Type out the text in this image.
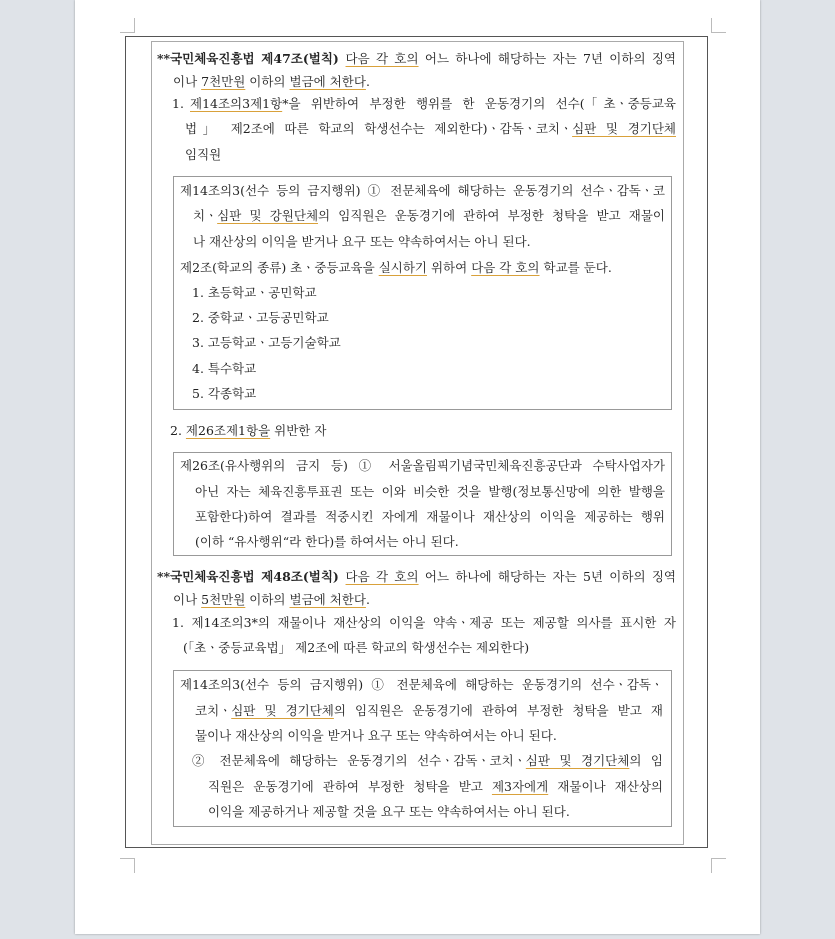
**국민체육진흥법 제47조(벌칙) 다음 각 호의 어느 하나에 해당하는 자는 7년 이하의 징역
이나 7천만원 이하의 벌금에 처한다.
1. 제14조의3제1항*을 위반하여 부정한 행위를 한 운동경기의 선수(「초ㆍ중등교육
법」 제2조에 따른 학교의 학생선수는 제외한다)ㆍ감독ㆍ코치ㆍ심판 및 경기단체
임직원
제14조의3(선수 등의 금지행위) ① 전문체육에 해당하는 운동경기의 선수ㆍ감독ㆍ코
치ㆍ심판 및 강원단체의 임직원은 운동경기에 관하여 부정한 청탁을 받고 재물이
나 재산상의 이익을 받거나 요구 또는 약속하여서는 아니 된다.
제2조(학교의 종류) 초ㆍ중등교육을 실시하기 위하여 다음 각 호의 학교를 둔다.
1. 초등학교ㆍ공민학교
2. 중학교ㆍ고등공민학교
3. 고등학교ㆍ고등기술학교
4. 특수학교
5. 각종학교
2. 제26조제1항을 위반한 자
제26조(유사행위의 금지 등) ① 서울올림픽기념국민체육진흥공단과 수탁사업자가
아닌 자는 체육진흥투표권 또는 이와 비슷한 것을 발행(정보통신망에 의한 발행을
포함한다)하여 결과를 적중시킨 자에게 재물이나 재산상의 이익을 제공하는 행위
(이하 “유사행위“라 한다)를 하여서는 아니 된다.
**국민체육진흥법 제48조(벌칙) 다음 각 호의 어느 하나에 해당하는 자는 5년 이하의 징역
이나 5천만원 이하의 벌금에 처한다.
1. 제14조의3*의 재물이나 재산상의 이익을 약속ㆍ제공 또는 제공할 의사를 표시한 자
(「초ㆍ중등교육법」 제2조에 따른 학교의 학생선수는 제외한다)
제14조의3(선수 등의 금지행위) ① 전문체육에 해당하는 운동경기의 선수ㆍ감독ㆍ
코치ㆍ심판 및 경기단체의 임직원은 운동경기에 관하여 부정한 청탁을 받고 재
물이나 재산상의 이익을 받거나 요구 또는 약속하여서는 아니 된다.
② 전문체육에 해당하는 운동경기의 선수ㆍ감독ㆍ코치ㆍ심판 및 경기단체의 임
직원은 운동경기에 관하여 부정한 청탁을 받고 제3자에게 재물이나 재산상의
이익을 제공하거나 제공할 것을 요구 또는 약속하여서는 아니 된다.
